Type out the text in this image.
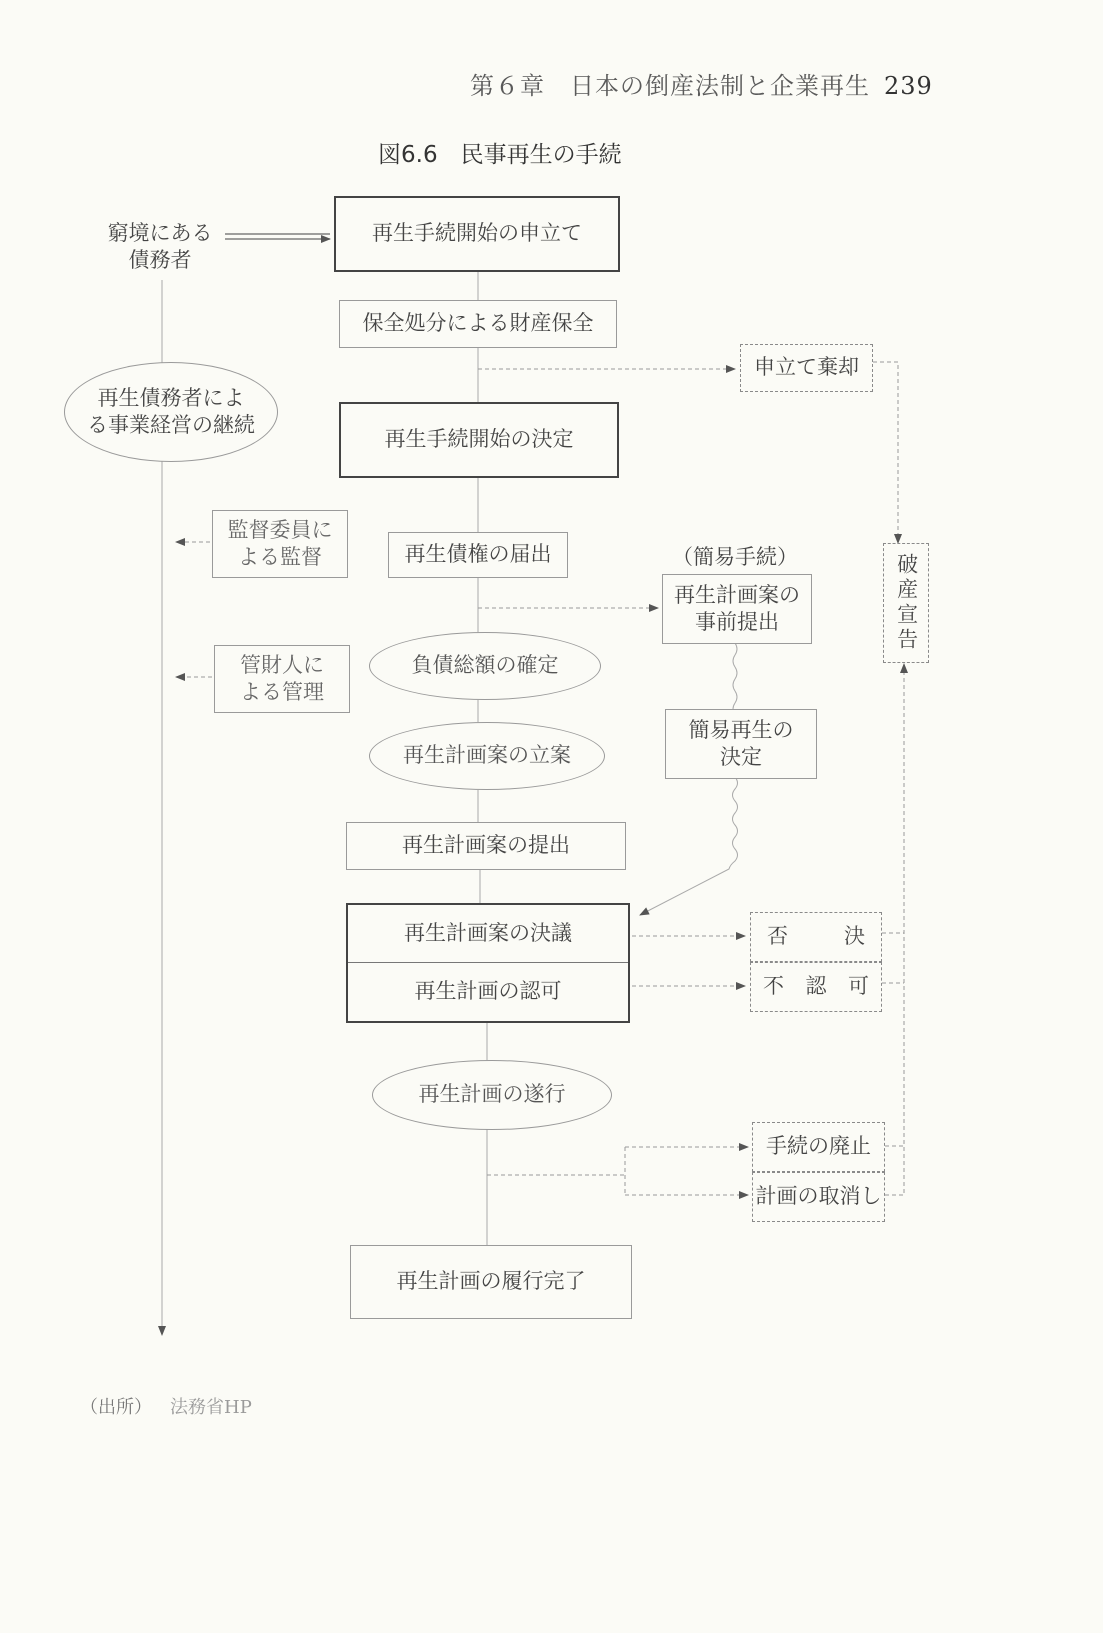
第６章　日本の倒産法制と企業再生 239
図6.6　民事再生の手続
窮境にある
債務者
再生債務者によ
る事業経営の継続
再生手続開始の申立て
保全処分による財産保全
申立て棄却
再生手続開始の決定
監督委員に
よる監督	再生債権の届出	（簡易手続）
再生計画案の
事前提出	破産宣告
管財人に
よる管理
負債総額の確定
簡易再生の
決定
再生計画案の立案
再生計画案の提出
再生計画案の決議
再生計画の認可
否	決
不 認 可
再生計画の遂行
手続の廃止
計画の取消し
再生計画の履行完了
（出所） 法務省HP
